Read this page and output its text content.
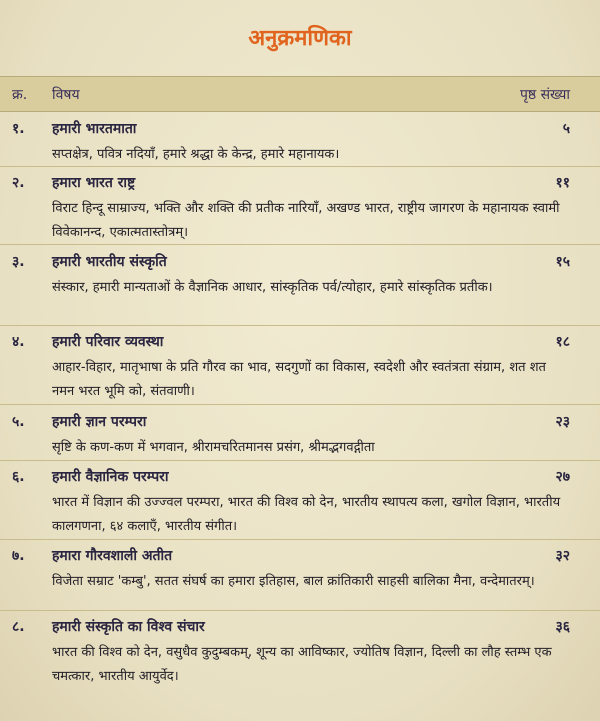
अनुक्रमणिका
क्र. विषय	पृष्ठ संख्या
१. हमारी भारतमाता	५
सप्तक्षेत्र, पवित्र नदियाँ, हमारे श्रद्धा के केन्द्र, हमारे महानायक।
२. हमारा भारत राष्ट्र	११
विराट हिन्दू साम्राज्य, भक्ति और शक्ति की प्रतीक नारियाँ, अखण्ड भारत, राष्ट्रीय जागरण के महानायक स्वामी विवेकानन्द, एकात्मतास्तोत्रम्।
३. हमारी भारतीय संस्कृति	१५
संस्कार, हमारी मान्यताओं के वैज्ञानिक आधार, सांस्कृतिक पर्व/त्योहार, हमारे सांस्कृतिक प्रतीक।
४. हमारी परिवार व्यवस्था	१८
आहार-विहार, मातृभाषा के प्रति गौरव का भाव, सदगुणों का विकास, स्वदेशी और स्वतंत्रता संग्राम, शत शत नमन भरत भूमि को, संतवाणी।
५. हमारी ज्ञान परम्परा	२३
सृष्टि के कण-कण में भगवान, श्रीरामचरितमानस प्रसंग, श्रीमद्भगवद्गीता
६. हमारी वैज्ञानिक परम्परा	२७
भारत में विज्ञान की उज्ज्वल परम्परा, भारत की विश्व को देन, भारतीय स्थापत्य कला, खगोल विज्ञान, भारतीय कालगणना, ६४ कलाएँ, भारतीय संगीत।
७. हमारा गौरवशाली अतीत	३२
विजेता सम्राट 'कम्बु', सतत संघर्ष का हमारा इतिहास, बाल क्रांतिकारी साहसी बालिका मैना, वन्देमातरम्।
८. हमारी संस्कृति का विश्व संचार	३६
भारत की विश्व को देन, वसुधैव कुदुम्बकम्, शून्य का आविष्कार, ज्योतिष विज्ञान, दिल्ली का लौह स्तम्भ एक चमत्कार, भारतीय आयुर्वेद।
